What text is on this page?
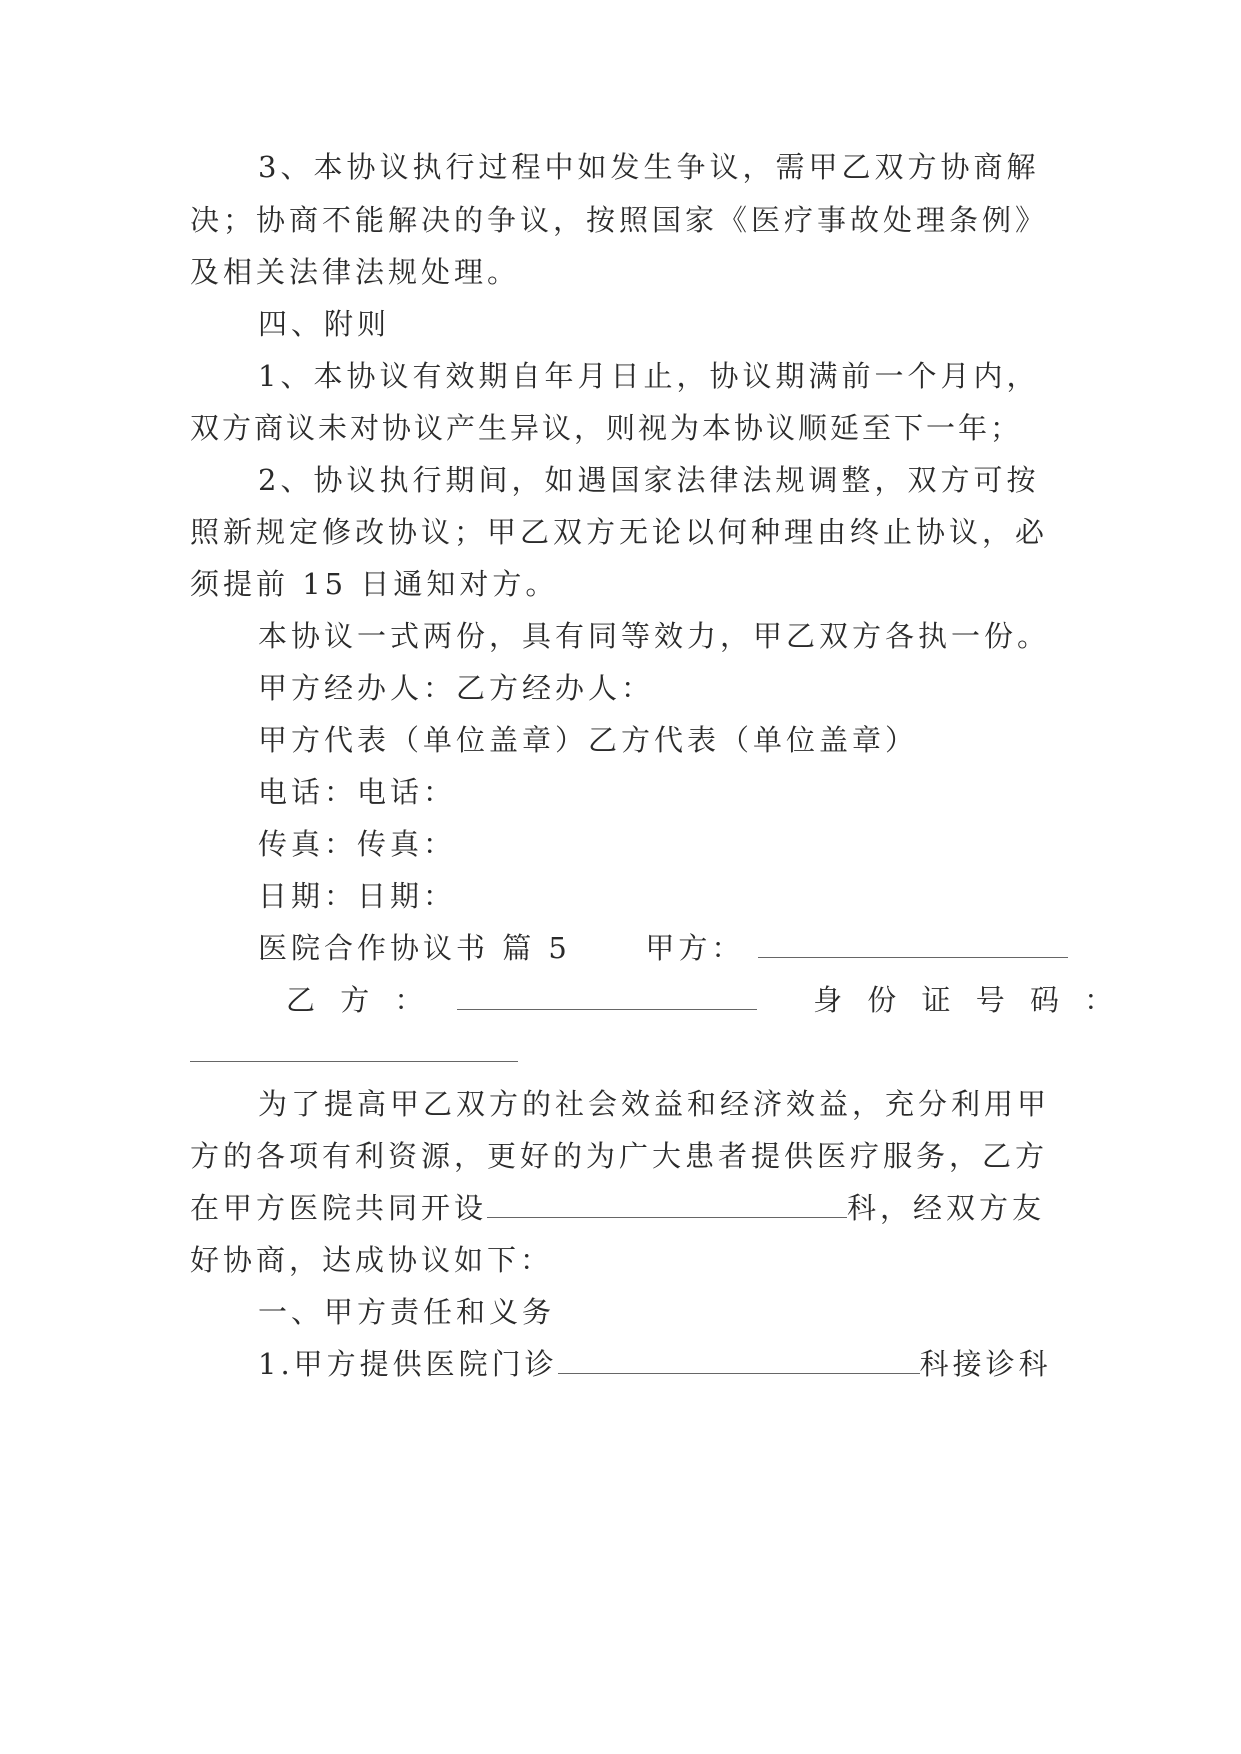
3、本协议执行过程中如发生争议，需甲乙双方协商解
决；协商不能解决的争议，按照国家《医疗事故处理条例》
及相关法律法规处理。
四、附则
1、本协议有效期自年月日止，协议期满前一个月内，
双方商议未对协议产生异议，则视为本协议顺延至下一年；
2、协议执行期间，如遇国家法律法规调整，双方可按
照新规定修改协议；甲乙双方无论以何种理由终止协议，必
须提前 15 日通知对方。
本协议一式两份，具有同等效力，甲乙双方各执一份。
甲方经办人：乙方经办人：
甲方代表（单位盖章）乙方代表（单位盖章）
电话：电话：
传真：传真：
日期：日期：
医院合作协议书 篇 5	甲方：
乙 方 ：	身 份 证 号 码 ：
为了提高甲乙双方的社会效益和经济效益，充分利用甲
方的各项有利资源，更好的为广大患者提供医疗服务，乙方
在甲方医院共同开设	科，经双方友
好协商，达成协议如下：
一、甲方责任和义务
1.甲方提供医院门诊	科接诊科
